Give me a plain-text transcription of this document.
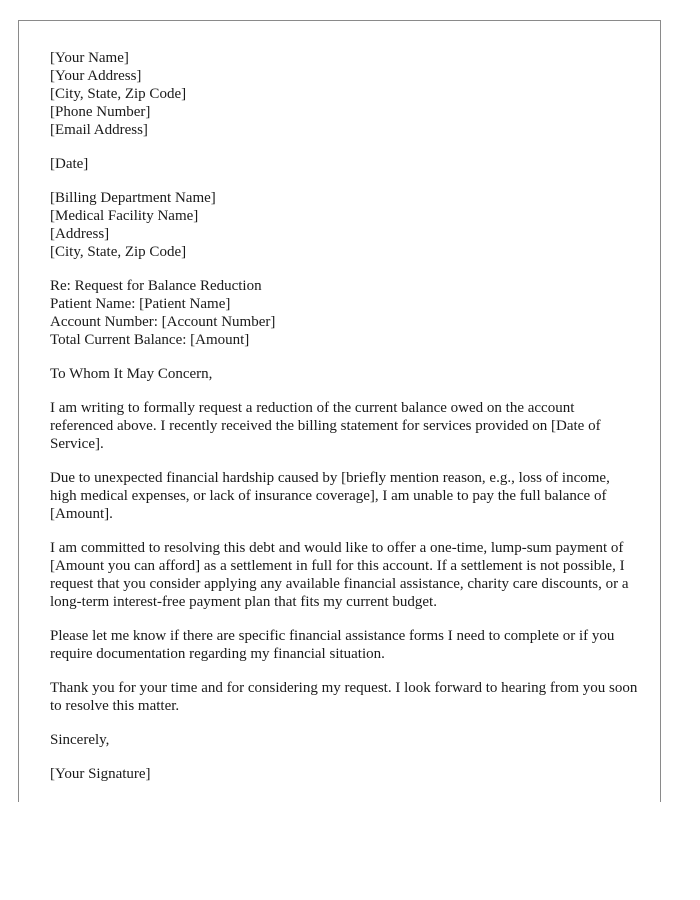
[Your Name]
[Your Address]
[City, State, Zip Code]
[Phone Number]
[Email Address]
[Date]
[Billing Department Name]
[Medical Facility Name]
[Address]
[City, State, Zip Code]
Re: Request for Balance Reduction
Patient Name: [Patient Name]
Account Number: [Account Number]
Total Current Balance: [Amount]
To Whom It May Concern,

I am writing to formally request a reduction of the current balance owed on the account referenced above. I recently received the billing statement for services provided on [Date of Service].

Due to unexpected financial hardship caused by [briefly mention reason, e.g., loss of income, high medical expenses, or lack of insurance coverage], I am unable to pay the full balance of [Amount].

I am committed to resolving this debt and would like to offer a one-time, lump-sum payment of [Amount you can afford] as a settlement in full for this account. If a settlement is not possible, I request that you consider applying any available financial assistance, charity care discounts, or a long-term interest-free payment plan that fits my current budget.

Please let me know if there are specific financial assistance forms I need to complete or if you require documentation regarding my financial situation.

Thank you for your time and for considering my request. I look forward to hearing from you soon to resolve this matter.

Sincerely,
[Your Signature]
